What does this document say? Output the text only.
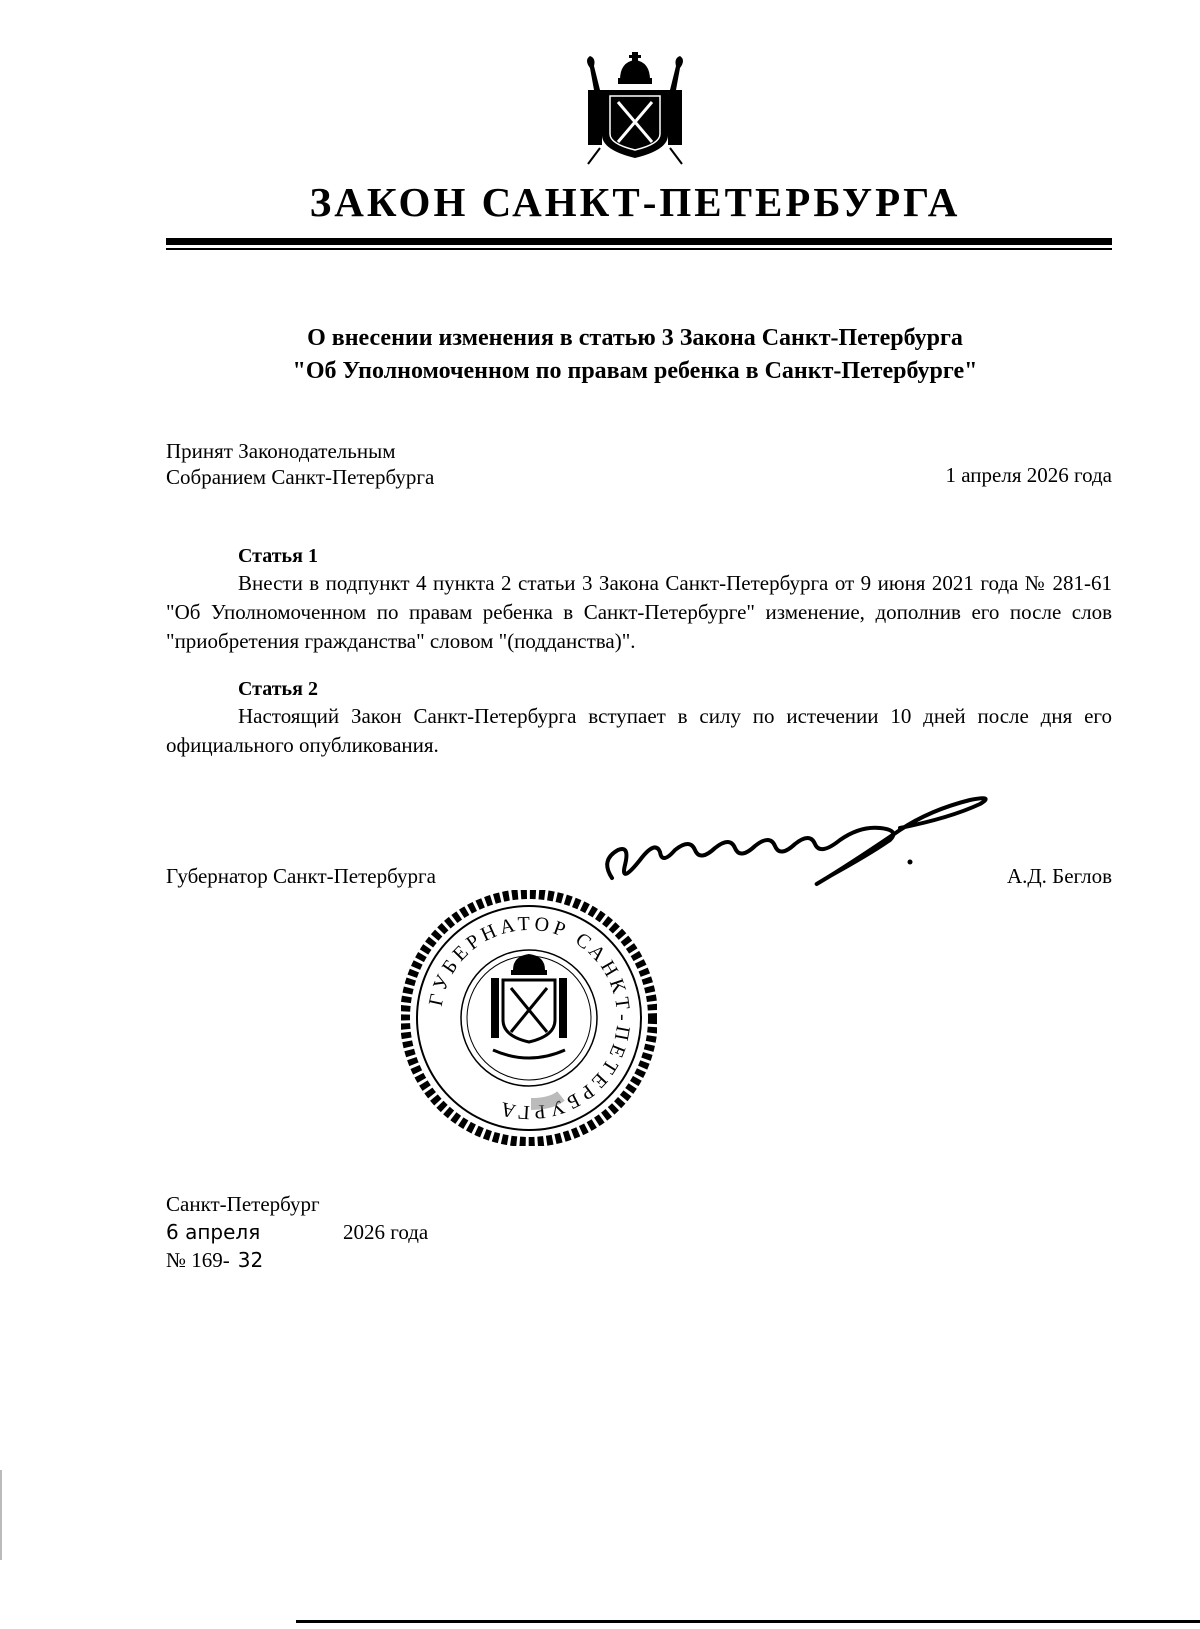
ЗАКОН САНКТ-ПЕТЕРБУРГА
О внесении изменения в статью 3 Закона Санкт-Петербурга
"Об Уполномоченном по правам ребенка в Санкт-Петербурге"
Принят Законодательным
Собранием Санкт-Петербурга	1 апреля 2026 года
Статья 1

Внести в подпункт 4 пункта 2 статьи 3 Закона Санкт-Петербурга от 9 июня 2021 года № 281-61 "Об Уполномоченном по правам ребенка в Санкт-Петербурге" изменение, дополнив его после слов "приобретения гражданства" словом "(подданства)".

Статья 2

Настоящий Закон Санкт-Петербурга вступает в силу по истечении 10 дней после дня его официального опубликования.

Губернатор Санкт-Петербурга	А.Д. Беглов
ГУБЕРНАТОР САНКТ-ПЕТЕРБУРГА
Санкт-Петербург
6 апреля	2026 года
№ 169- 32
